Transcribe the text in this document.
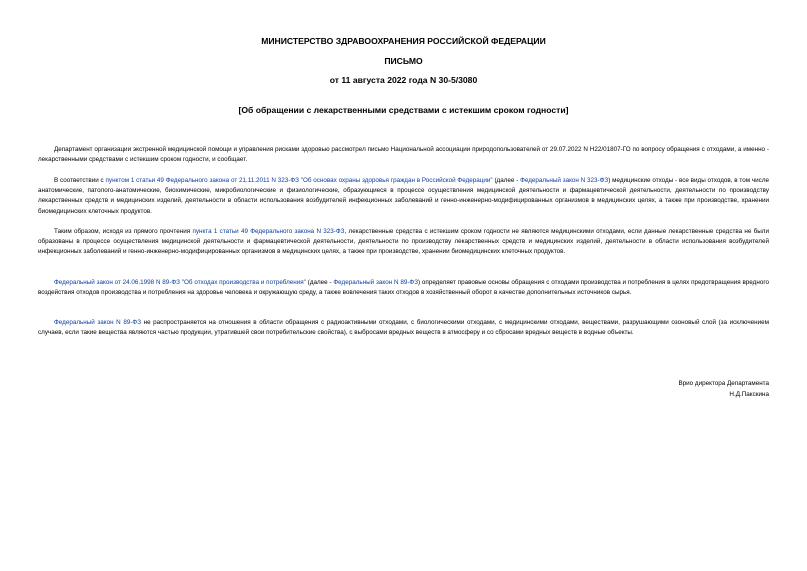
МИНИСТЕРСТВО ЗДРАВООХРАНЕНИЯ РОССИЙСКОЙ ФЕДЕРАЦИИ
ПИСЬМО
от 11 августа 2022 года N 30-5/3080
[Об обращении с лекарственными средствами с истекшим сроком годности]

Департамент организации экстренной медицинской помощи и управления рисками здоровью рассмотрел письмо Национальной ассоциации природопользователей от 29.07.2022 N Н22/01807-ГО по вопросу обращения с отходами, а именно - лекарственными средствами с истекшим сроком годности, и сообщает.

В соответствии с пунктом 1 статьи 49 Федерального закона от 21.11.2011 N 323-ФЗ "Об основах охраны здоровья граждан в Российской Федерации" (далее - Федеральный закон N 323-ФЗ) медицинские отходы - все виды отходов, в том числе анатомические, патолого-анатомические, биохимические, микробиологические и физиологические, образующиеся в процессе осуществления медицинской деятельности и фармацевтической деятельности, деятельности по производству лекарственных средств и медицинских изделий, деятельности в области использования возбудителей инфекционных заболеваний и генно-инженерно-модифицированных организмов в медицинских целях, а также при производстве, хранении биомедицинских клеточных продуктов.

Таким образом, исходя из прямого прочтения пункта 1 статьи 49 Федерального закона N 323-ФЗ, лекарственные средства с истекшим сроком годности не являются медицинскими отходами, если данные лекарственные средства не были образованы в процессе осуществления медицинской деятельности и фармацевтической деятельности, деятельности по производству лекарственных средств и медицинских изделий, деятельности в области использования возбудителей инфекционных заболеваний и генно-инженерно-модифицированных организмов в медицинских целях, а также при производстве, хранении биомедицинских клеточных продуктов.

Федеральный закон от 24.06.1998 N 89-ФЗ "Об отходах производства и потребления" (далее - Федеральный закон N 89-ФЗ) определяет правовые основы обращения с отходами производства и потребления в целях предотвращения вредного воздействия отходов производства и потребления на здоровье человека и окружающую среду, а также вовлечения таких отходов в хозяйственный оборот в качестве дополнительных источников сырья.

Федеральный закон N 89-ФЗ не распространяется на отношения в области обращения с радиоактивными отходами, с биологическими отходами, с медицинскими отходами, веществами, разрушающими озоновый слой (за исключением случаев, если такие вещества являются частью продукции, утратившей свои потребительские свойства), с выбросами вредных веществ в атмосферу и со сбросами вредных веществ в водные объекты.

Врио директора Департамента
Н.Д.Пакскина
